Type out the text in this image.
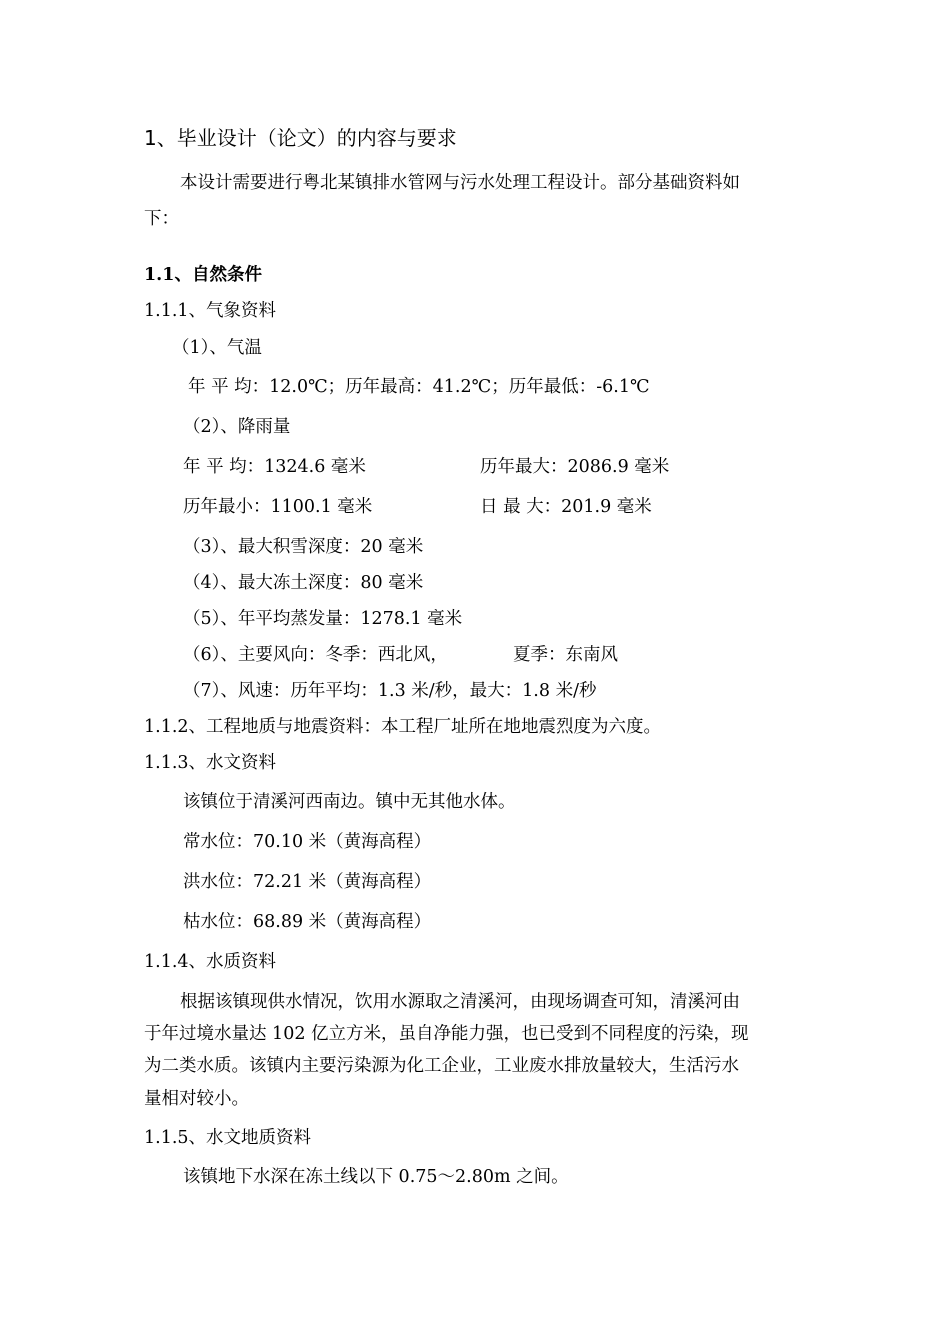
1、毕业设计（论文）的内容与要求
本设计需要进行粤北某镇排水管网与污水处理工程设计。部分基础资料如
下：
1.1、自然条件
1.1.1、气象资料
（1）、气温
年 平 均：12.0℃；历年最高：41.2℃；历年最低：-6.1℃
（2）、降雨量
年 平 均：1324.6 毫米	历年最大：2086.9 毫米
历年最小：1100.1 毫米	日 最 大：201.9 毫米
（3）、最大积雪深度：20 毫米
（4）、最大冻土深度：80 毫米
（5）、年平均蒸发量：1278.1 毫米
（6）、主要风向：冬季：西北风，	夏季：东南风
（7）、风速：历年平均：1.3 米/秒，最大：1.8 米/秒
1.1.2、工程地质与地震资料：本工程厂址所在地地震烈度为六度。
1.1.3、水文资料
该镇位于清溪河西南边。镇中无其他水体。
常水位：70.10 米（黄海高程）
洪水位：72.21 米（黄海高程）
枯水位：68.89 米（黄海高程）
1.1.4、水质资料
根据该镇现供水情况，饮用水源取之清溪河，由现场调查可知，清溪河由
于年过境水量达 102 亿立方米，虽自净能力强，也已受到不同程度的污染，现
为二类水质。该镇内主要污染源为化工企业，工业废水排放量较大，生活污水
量相对较小。
1.1.5、水文地质资料
该镇地下水深在冻土线以下 0.75～2.80m 之间。
